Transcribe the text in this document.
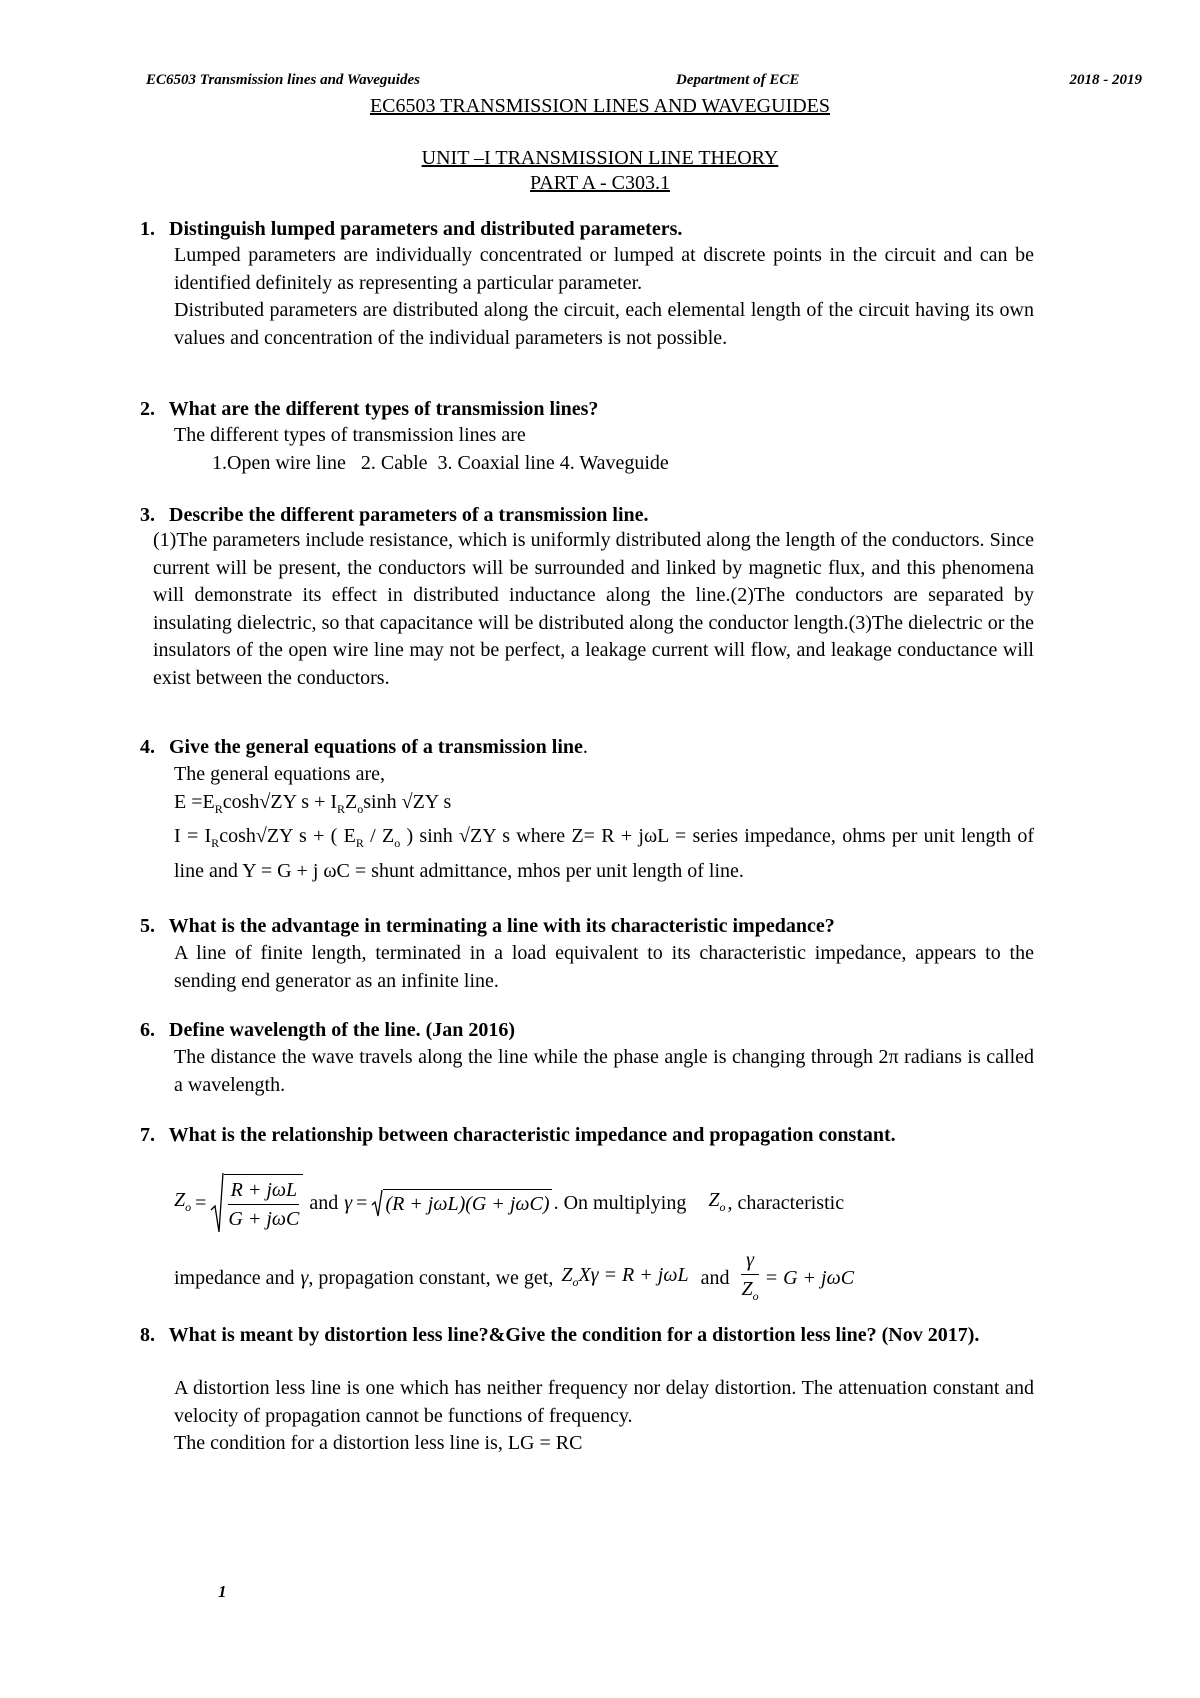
EC6503 Transmission lines and Waveguides	Department of ECE	2018 - 2019
EC6503 TRANSMISSION LINES AND WAVEGUIDES
UNIT –I TRANSMISSION LINE THEORY
PART A - C303.1
1. Distinguish lumped parameters and distributed parameters.

Lumped parameters are individually concentrated or lumped at discrete points in the circuit and can be identified definitely as representing a particular parameter.

Distributed parameters are distributed along the circuit, each elemental length of the circuit having its own values and concentration of the individual parameters is not possible.

2. What are the different types of transmission lines?

The different types of transmission lines are

1.Open wire line   2. Cable  3. Coaxial line 4. Waveguide

3. Describe the different parameters of a transmission line.

(1)The parameters include resistance, which is uniformly distributed along the length of the conductors. Since current will be present, the conductors will be surrounded and linked by magnetic flux, and this phenomena will demonstrate its effect in distributed inductance along the line.(2)The conductors are separated by insulating dielectric, so that capacitance will be distributed along the conductor length.(3)The dielectric or the insulators of the open wire line may not be perfect, a leakage current will flow, and leakage conductance will exist between the conductors.

4. Give the general equations of a transmission line.

The general equations are,

$E =E_R\cosh√ZY$ $s + I_RZ_o\sinh$ √ZY s

$I = I_R\cosh√ZY$ s + ( $E_R / Z_o$ ) sinh √ZY s where Z= R + jωL = series impedance, ohms per unit length of line and Y = G + j ωC = shunt admittance, mhos per unit length of line.

5. What is the advantage in terminating a line with its characteristic impedance?

A line of finite length, terminated in a load equivalent to its characteristic impedance, appears to the sending end generator as an infinite line.

6. Define wavelength of the line. (Jan 2016)

The distance the wave travels along the line while the phase angle is changing through 2π radians is called a wavelength.

7. What is the relationship between characteristic impedance and propagation constant.
$Z_o$ =
R + jωL
G + jωC
and γ = (R + jωL)(G + jωC) . On multiplying $Z_o$ , characteristic
impedance and γ , propagation constant, we get, $Z_oX\gamma = R + j\omega L$ and
γ
$Z_o$
= G + jωC
8. What is meant by distortion less line?&Give the condition for a distortion less line? (Nov 2017).

A distortion less line is one which has neither frequency nor delay distortion. The attenuation constant and velocity of propagation cannot be functions of frequency.

The condition for a distortion less line is, LG = RC

1
